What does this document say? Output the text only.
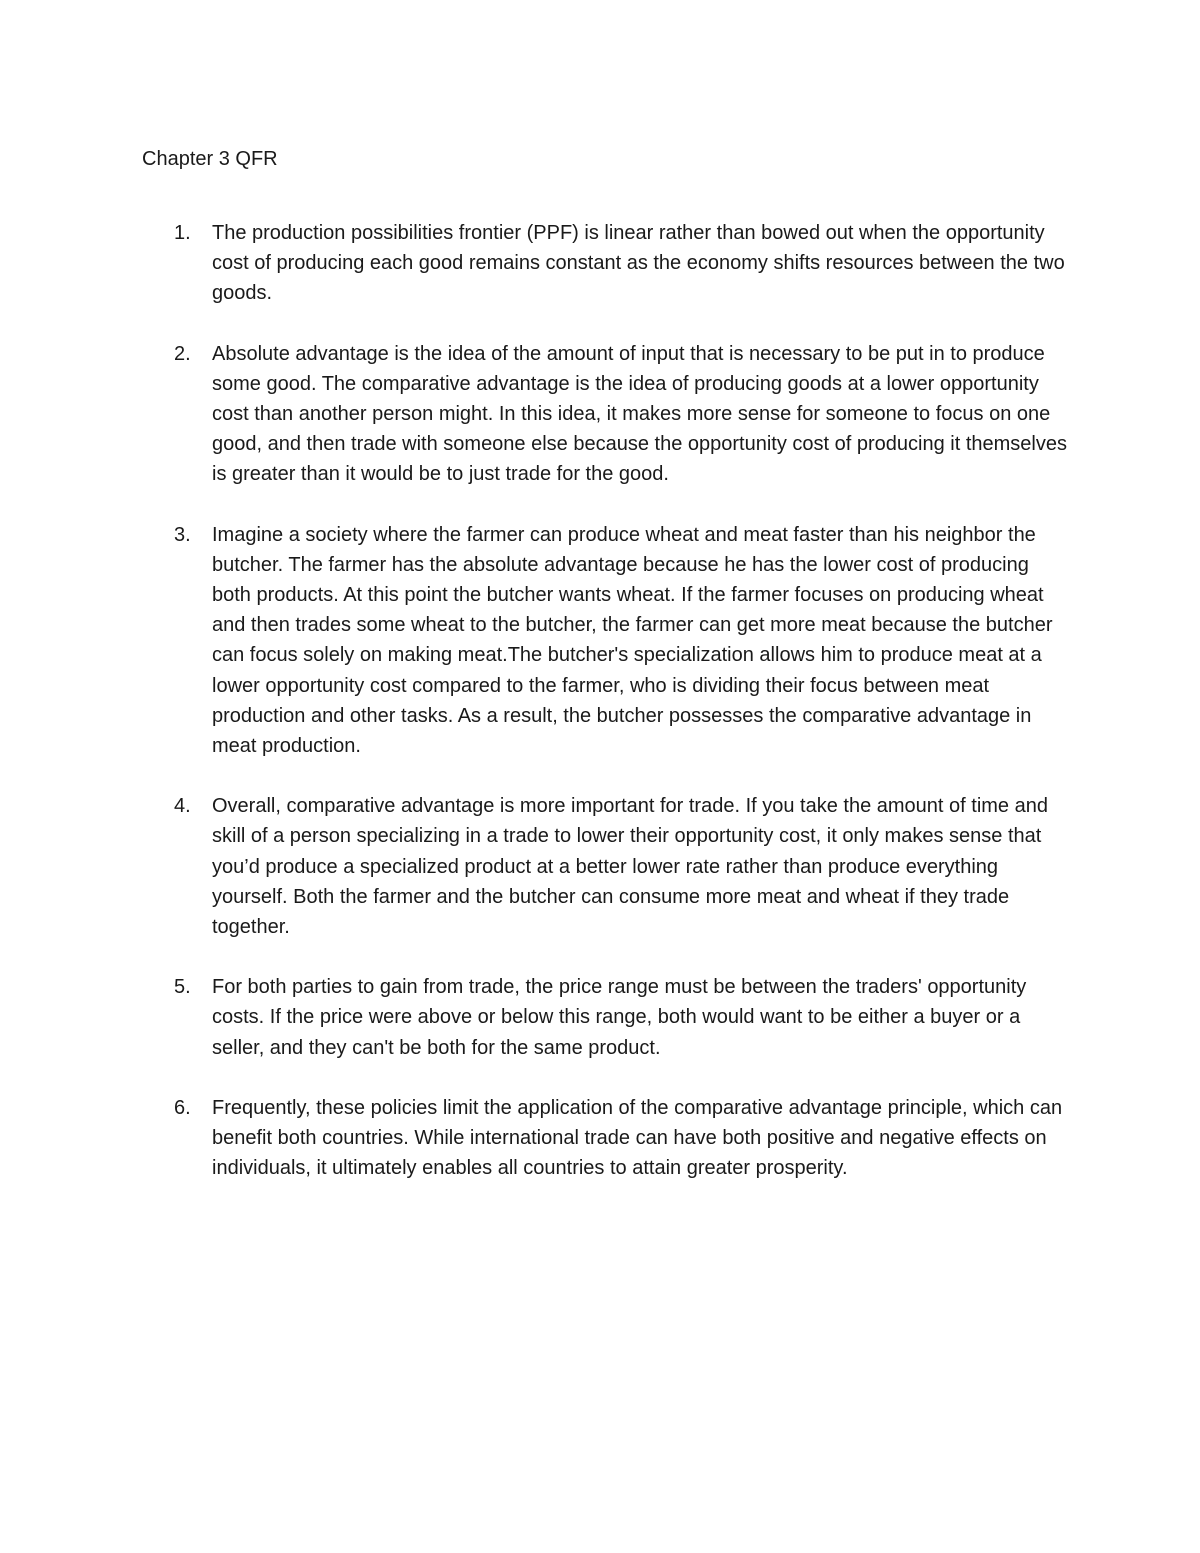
Chapter 3 QFR
1.	The production possibilities frontier (PPF) is linear rather than bowed out when the opportunity cost of producing each good remains constant as the economy shifts resources between the two goods.
2.	Absolute advantage is the idea of the amount of input that is necessary to be put in to produce some good. The comparative advantage is the idea of producing goods at a lower opportunity cost than another person might. In this idea, it makes more sense for someone to focus on one good, and then trade with someone else because the opportunity cost of producing it themselves is greater than it would be to just trade for the good.
3.	Imagine a society where the farmer can produce wheat and meat faster than his neighbor the butcher. The farmer has the absolute advantage because he has the lower cost of producing both products. At this point the butcher wants wheat. If the farmer focuses on producing wheat and then trades some wheat to the butcher, the farmer can get more meat because the butcher can focus solely on making meat.The butcher's specialization allows him to produce meat at a lower opportunity cost compared to the farmer, who is dividing their focus between meat production and other tasks. As a result, the butcher possesses the comparative advantage in meat production.
4.	Overall, comparative advantage is more important for trade. If you take the amount of time and skill of a person specializing in a trade to lower their opportunity cost, it only makes sense that you’d produce a specialized product at a better lower rate rather than produce everything yourself. Both the farmer and the butcher can consume more meat and wheat if they trade together.
5.	For both parties to gain from trade, the price range must be between the traders' opportunity costs. If the price were above or below this range, both would want to be either a buyer or a seller, and they can't be both for the same product.
6.	Frequently, these policies limit the application of the comparative advantage principle, which can benefit both countries. While international trade can have both positive and negative effects on individuals, it ultimately enables all countries to attain greater prosperity.
